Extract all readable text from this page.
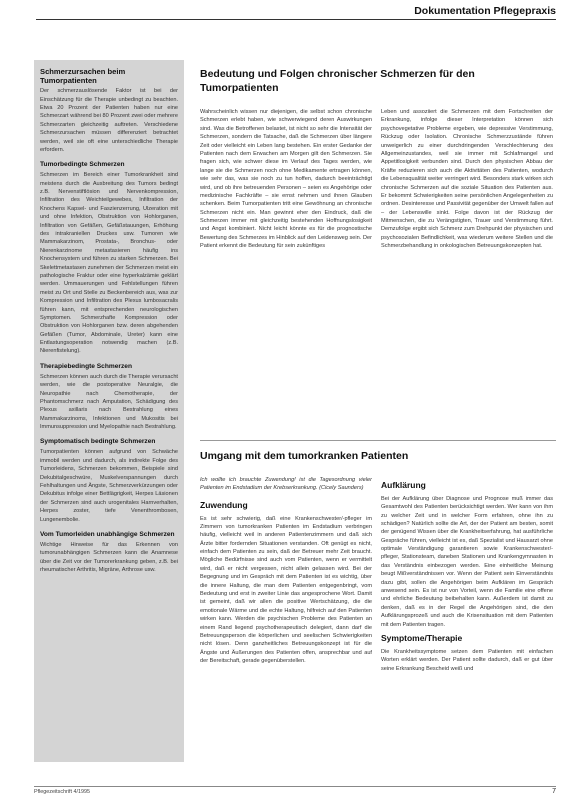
Dokumentation Pflegepraxis
Schmerzursachen beim Tumorpatienten

Der schmerzauslösende Faktor ist bei der Einschätzung für die Therapie unbedingt zu beachten. Etwa 20 Prozent der Patienten haben nur eine Schmerzart während bei 80 Prozent zwei oder mehrere Schmerzarten gleichzeitig auftreten. Verschiedene Schmerzursachen müssen differenziert betrachtet werden, weil sie oft eine unterschiedliche Therapie erfordern.

Tumorbedingte Schmerzen

Schmerzen im Bereich einer Tumorkrankheit sind meistens durch die Ausbreitung des Tumors bedingt z.B. Nervenstiftlösion und Nervenkompression, Infiltration des Weichteilgewebes, Infiltration der Knochens Kapsel- und Faszienzerrung, Ulzeration mit und ohne Infektion, Obstruktion von Hohlorganen, Infiltration von Gefäßen, Gefäßstauungen, Erhöhung des intrakraniellen Druckes usw. Tumoren wie Mammakarzinom, Prostata-, Bronchus- oder Nierenkarzinome metastasieren häufig ins Knochensystem und führen zu starken Schmerzen. Bei Skelettmetastasen zunehmen der Schmerzen meist ein pathologische Fraktur oder eine hyperkalzämie geklärt werden. Ummauerungen und Fehlstellungen führen meist zu Ort und Stelle zu Beckenbereich aus, was zur Kompression und Infiltration des Plexus lumbosacralis führen kann, mit entsprechenden neurologischen Symptomen. Schmerzhafte Kompression oder Obstruktion von Hohlorganen bzw. deren abgehenden Gefäßen (Tumor, Abdominale, Ureter) kann eine Entlastungsoperation notwendig machen (z.B. Nierenfistelung).

Therapiebedingte Schmerzen

Schmerzen können auch durch die Therapie verursacht werden, wie die postoperative Neuralgie, die Neuropathie nach Chemotherapie, der Phantomschmerz nach Amputation, Schädigung des Plexus axillaris nach Bestrahlung eines Mammakarzinoms, Infektionen und Mukositis bei Immunsuppression und Myelopathie nach Bestrahlung.

Symptomatisch bedingte Schmerzen

Tumorpatienten können aufgrund von Schwäche immobil werden und dadurch, als indirekte Folge des Tumorleidens, Schmerzen bekommen, Beispiele sind Dekubitalgeschwüre, Muskelverspannungen durch Fehlhaltungen und Ängste, Schmerzverkürzungen oder Dekubitus infolge einer Bettlägrigkeit, Herpes Läsionen der Schmerzen sind auch urogenitales Harnverhalten, Herpes zoster, tiefe Venenthrombosen, Lungenembolie.

Vom Tumorleiden unabhängige Schmerzen

Wichtige Hinweise für das Erkennen von tumorunabhängigen Schmerzen kann die Anamnese über die Zeit vor der Tumorerkrankung geben, z.B. bei rheumatischer Arthritis, Migräne, Arthrose usw.

Bedeutung und Folgen chronischer Schmerzen für den Tumorpatienten

Wahrscheinlich wissen nur diejenigen, die selbst schon chronische Schmerzen erlebt haben, wie schwerwiegend deren Auswirkungen sind. Was die Betroffenen belastet, ist nicht so sehr die Intensität der Schmerzen, sondern die Tatsache, daß die Schmerzen über längere Zeit oder vielleicht ein Leben lang bestehen. Ein erster Gedanke der Patienten nach dem Erwachen am Morgen gilt den Schmerzen. Sie fragen sich, wie schwer diese im Verlauf des Tages werden, wie lange sie die Schmerzen noch ohne Medikamente ertragen können, wie sehr das, was sie noch zu tun hoffen, dadurch beeinträchtigt wird, und ob ihre betreuenden Personen – seien es Angehörige oder medizinische Fachkräfte – sie ernst nehmen und ihnen Glauben schenken. Beim Tumorpatienten tritt eine Gewöhnung an chronische Schmerzen nicht ein. Man gewinnt eher den Eindruck, daß die Schmerzen immer mit gleichzeitig bestehenden Hoffnungslosigkeit und Angst kombiniert. Nicht leicht könnte es für die prognostische Bewertung des Schmerzes im Hinblick auf den Leidensweg sein. Der Patient erkennt die Bedeutung für sein zukünftiges

Leben und assoziiert die Schmerzen mit dem Fortschreiten der Erkrankung, infolge dieser Interpretation können sich psychovegetative Probleme ergeben, wie depressive Verstimmung, Rückzug oder Isolation. Chronische Schmerzzustände führen unweigerlich zu einer durchdringenden Verschlechterung des Allgemeinzustandes, weil sie immer mit Schlafmangel und Appetitlosigkeit verbunden sind. Durch den physischen Abbau der Kräfte reduzieren sich auch die Aktivitäten des Patienten, wodurch die Lebensqualität weiter verringert wird. Besonders stark wirken sich chronische Schmerzen auf die soziale Situation des Patienten aus. Er bekommt Schwierigkeiten seine persönlichen Angelegenheiten zu ordnen. Desinteresse und Passivität gegenüber der Umwelt fallen auf – der Lebenswille sinkt. Folge davon ist der Rückzug der Mitmenschen, die zu Verängstigten, Trauer und Verstimmung führt. Demzufolge ergibt sich Schmerz zum Drehpunkt der physischen und psychosozialen Befindlichkeit, was wiederum weitere Stellen und die Schmerzbehandlung in onkologischen Betreuungskonzepten hat.

Umgang mit dem tumorkranken Patienten

Ich wollte ich brauchte Zuwendung! ist die Tagesordnung vieler Patienten im Endstadium der Krebserkrankung. (Cicely Saunders)

Zuwendung

Es ist sehr schwierig, daß eine Krankenschwester/-pfleger im Zimmern von tumorkranken Patienten im Endstadium verbringen häufig, vielleicht weil in anderen Patientenzimmern und daß sich Ärzte bitter fordernden Situationen verstanden. Oft genügt es nicht, einfach dem Patienten zu sein, daß der Betreuer mehr Zeit braucht. Mögliche Bedürfnisse sind auch vom Patienten, wenn er vermittelt wird, daß er nicht vergessen, nicht allein gelassen wird. Bei der Begegnung und im Gespräch mit dem Patienten ist es wichtig, über die innere Haltung, die man dem Patienten entgegenbringt, vom Bedeutung und erst in zweiter Linie das angesprochene Wort. Damit ist gemeint, daß wir allen die positive Wertschätzung, die die emotionale Wärme und die echte Haltung, hilfreich auf den Patienten wirken kann. Werden die psychischen Probleme des Patienten an einem Rand liegend psychotherapeutisch delegiert, dann darf die Betreuungsperson die körperlichen und seelischen Schwierigkeiten nicht lösen. Denn ganzheitliches Betreuungskonzept ist für die Ängste und Äußerungen des Patienten offen, ansprechbar und auf der Bereitschaft, gerade gegenüberstellen.

Aufklärung

Bei der Aufklärung über Diagnose und Prognose muß immer das Gesamtwohl des Patienten berücksichtigt werden. Wer kann von ihm zu welcher Zeit und in welcher Form erfahren, ohne ihn zu schädigen? Natürlich sollte die Art, der der Patient am besten, somit der genügend Wissen über die Krankheitserfahrung, hat ausführliche Gespräche führen, vielleicht ist es, daß Spezialist und Hausarzt ohne optimale Verständigung garantieren sowie Krankenschwester/-pfleger, Stationsteam, daneben Stationen und Krankengymnasten in das Verständnis einbezogen werden. Eine einheitliche Meinung beugt Mißverständnissen vor. Wenn der Patient sein Einverständnis dazu gibt, sollen die Angehörigen beim Aufklären im Gespräch anwesend sein. Es ist nur von Vorteil, wenn die Familie eine offene und ehrliche Bedeutung beibehalten kann. Außerdem ist damit zu denken, daß es in der Regel die Angehörigen sind, die den Aufklärungsprozeß und auch die Krisensituation mit dem Patienten mit dem Patienten tragen.

Symptome/Therapie

Die Krankheitssymptome setzen dem Patienten mit einfachen Worten erklärt werden. Der Patient sollte dadurch, daß er gut über seine Erkrankung Bescheid weiß und

Pflegezeitschrift 4/1995	7
